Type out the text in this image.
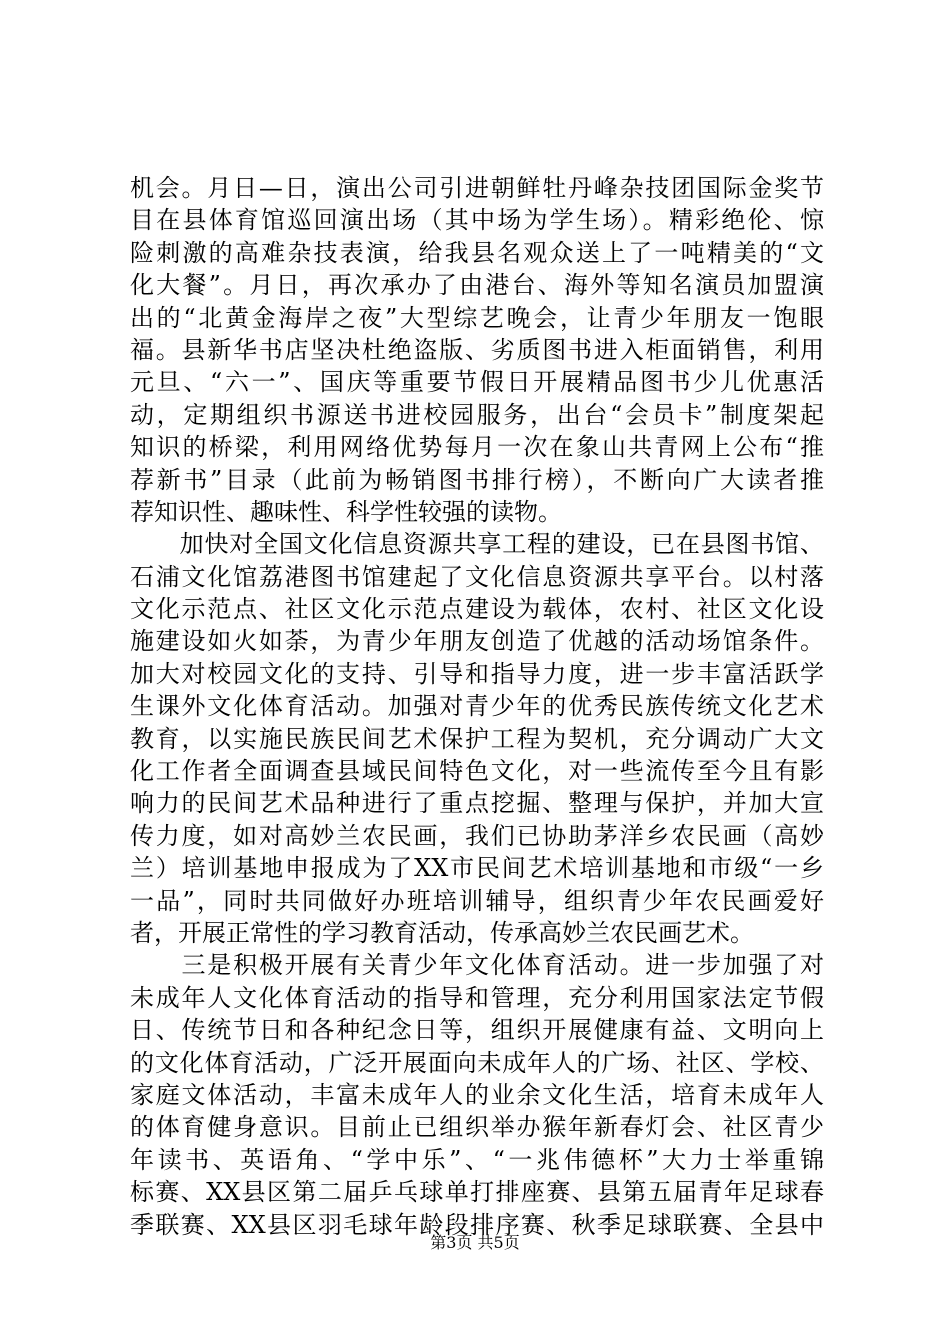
机会。月日—日，演出公司引进朝鲜牡丹峰杂技团国际金奖节
目在县体育馆巡回演出场（其中场为学生场）。精彩绝伦、惊
险刺激的高难杂技表演，给我县名观众送上了一吨精美的“文
化大餐”。月日，再次承办了由港台、海外等知名演员加盟演
出的“北黄金海岸之夜”大型综艺晚会，让青少年朋友一饱眼
福。县新华书店坚决杜绝盗版、劣质图书进入柜面销售，利用
元旦、“六一”、国庆等重要节假日开展精品图书少儿优惠活
动，定期组织书源送书进校园服务，出台“会员卡”制度架起
知识的桥梁，利用网络优势每月一次在象山共青网上公布“推
荐新书”目录（此前为畅销图书排行榜），不断向广大读者推
荐知识性、趣味性、科学性较强的读物。
　　加快对全国文化信息资源共享工程的建设，已在县图书馆、
石浦文化馆荔港图书馆建起了文化信息资源共享平台。以村落
文化示范点、社区文化示范点建设为载体，农村、社区文化设
施建设如火如荼，为青少年朋友创造了优越的活动场馆条件。
加大对校园文化的支持、引导和指导力度，进一步丰富活跃学
生课外文化体育活动。加强对青少年的优秀民族传统文化艺术
教育，以实施民族民间艺术保护工程为契机，充分调动广大文
化工作者全面调查县域民间特色文化，对一些流传至今且有影
响力的民间艺术品种进行了重点挖掘、整理与保护，并加大宣
传力度，如对高妙兰农民画，我们已协助茅洋乡农民画（高妙
兰）培训基地申报成为了XX市民间艺术培训基地和市级“一乡
一品”，同时共同做好办班培训辅导，组织青少年农民画爱好
者，开展正常性的学习教育活动，传承高妙兰农民画艺术。
　　三是积极开展有关青少年文化体育活动。进一步加强了对
未成年人文化体育活动的指导和管理，充分利用国家法定节假
日、传统节日和各种纪念日等，组织开展健康有益、文明向上
的文化体育活动，广泛开展面向未成年人的广场、社区、学校、
家庭文体活动，丰富未成年人的业余文化生活，培育未成年人
的体育健身意识。目前止已组织举办猴年新春灯会、社区青少
年读书、英语角、“学中乐”、“一兆伟德杯”大力士举重锦
标赛、XX县区第二届乒乓球单打排座赛、县第五届青年足球春
季联赛、XX县区羽毛球年龄段排序赛、秋季足球联赛、全县中
第3页 共5页
